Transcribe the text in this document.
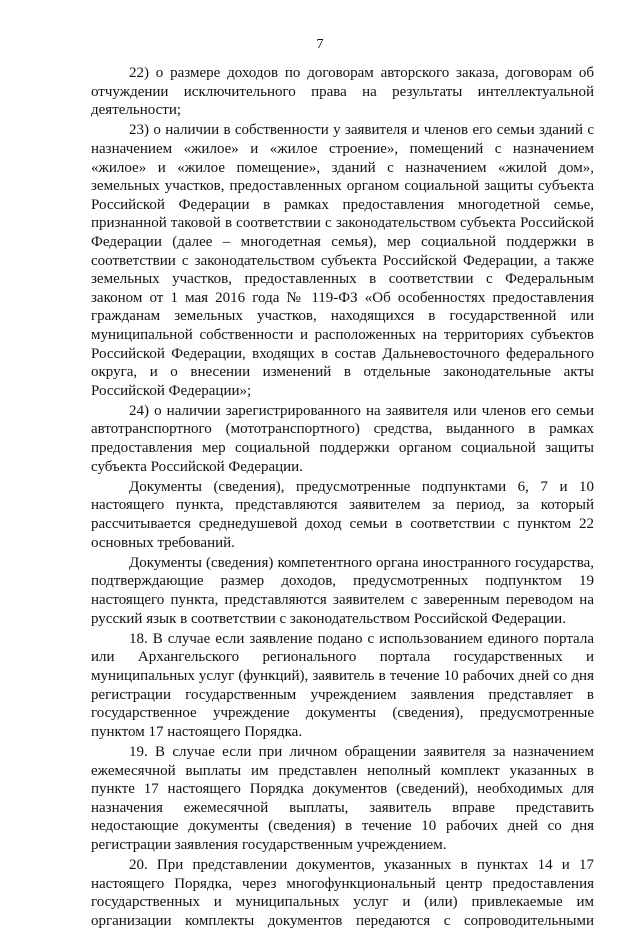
7

22) о размере доходов по договорам авторского заказа, договорам об отчуждении исключительного права на результаты интеллектуальной деятельности;

23) о наличии в собственности у заявителя и членов его семьи зданий с назначением «жилое» и «жилое строение», помещений с назначением «жилое» и «жилое помещение», зданий с назначением «жилой дом», земельных участков, предоставленных органом социальной защиты субъекта Российской Федерации в рамках предоставления многодетной семье, признанной таковой в соответствии с законодательством субъекта Российской Федерации (далее – многодетная семья), мер социальной поддержки в соответствии с законодательством субъекта Российской Федерации, а также земельных участков, предоставленных в соответствии с Федеральным законом от 1 мая 2016 года № 119-ФЗ «Об особенностях предоставления гражданам земельных участков, находящихся в государственной или муниципальной собственности и расположенных на территориях субъектов Российской Федерации, входящих в состав Дальневосточного федерального округа, и о внесении изменений в отдельные законодательные акты Российской Федерации»;

24) о наличии зарегистрированного на заявителя или членов его семьи автотранспортного (мототранспортного) средства, выданного в рамках предоставления мер социальной поддержки органом социальной защиты субъекта Российской Федерации.

Документы (сведения), предусмотренные подпунктами 6, 7 и 10 настоящего пункта, представляются заявителем за период, за который рассчитывается среднедушевой доход семьи в соответствии с пунктом 22 основных требований.

Документы (сведения) компетентного органа иностранного государства, подтверждающие размер доходов, предусмотренных подпунктом 19 настоящего пункта, представляются заявителем с заверенным переводом на русский язык в соответствии с законодательством Российской Федерации.

18. В случае если заявление подано с использованием единого портала или Архангельского регионального портала государственных и муниципальных услуг (функций), заявитель в течение 10 рабочих дней со дня регистрации государственным учреждением заявления представляет в государственное учреждение документы (сведения), предусмотренные пунктом 17 настоящего Порядка.

19. В случае если при личном обращении заявителя за назначением ежемесячной выплаты им представлен неполный комплект указанных в пункте 17 настоящего Порядка документов (сведений), необходимых для назначения ежемесячной выплаты, заявитель вправе представить недостающие документы (сведения) в течение 10 рабочих дней со дня регистрации заявления государственным учреждением.

20. При представлении документов, указанных в пунктах 14 и 17 настоящего Порядка, через многофункциональный центр предоставления государственных и муниципальных услуг и (или) привлекаемые им организации комплекты документов передаются с сопроводительными
